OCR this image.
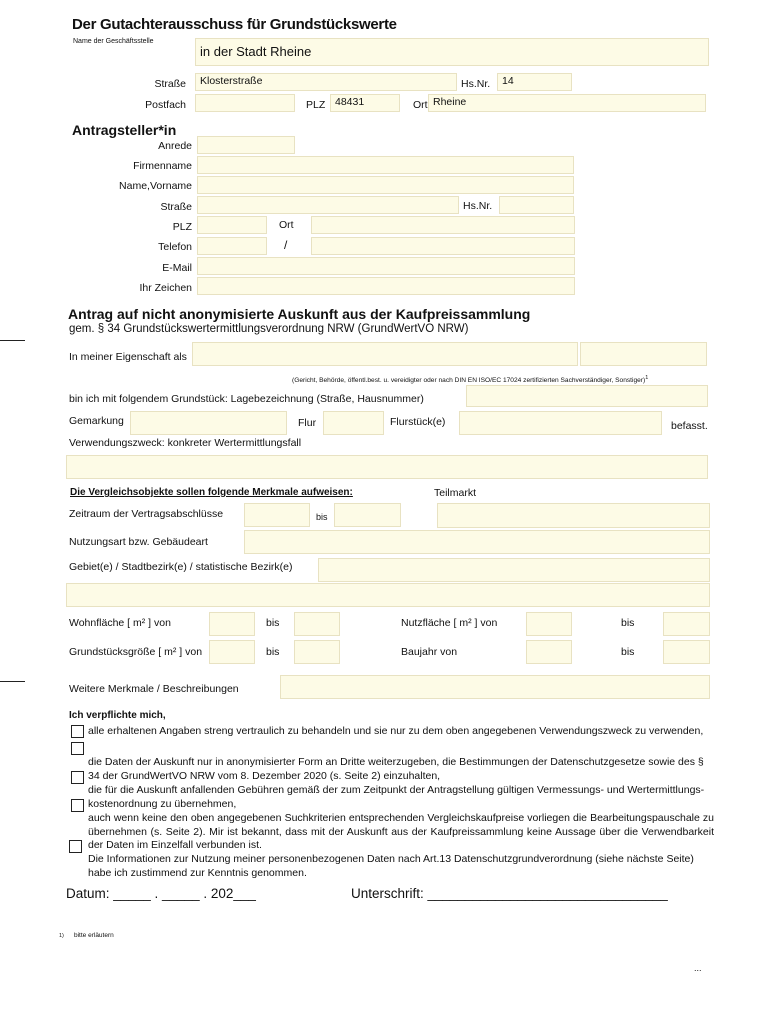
Der Gutachterausschuss für Grundstückswerte
Name der Geschäftsstelle
in der Stadt Rheine
Straße	Klosterstraße	Hs.Nr.	14
Postfach	PLZ 48431	Ort Rheine
Antragsteller*in
Anrede
Firmenname
Name,Vorname
Straße	Hs.Nr.
PLZ	Ort
Telefon	/
E-Mail
Ihr Zeichen
Antrag auf nicht anonymisierte Auskunft aus der Kaufpreissammlung
gem. § 34 Grundstückswertermittlungsverordnung NRW (GrundWertVO NRW)
In meiner Eigenschaft als
(Gericht, Behörde, öffentl.best. u. vereidigter oder nach DIN EN ISO/EC 17024 zertifizierten Sachverständiger, Sonstiger)$^1$
bin ich mit folgendem Grundstück: Lagebezeichnung (Straße, Hausnummer)
Gemarkung	Flur	Flurstück(e)	befasst.
Verwendungszweck: konkreter Wertermittlungsfall
Die Vergleichsobjekte sollen folgende Merkmale aufweisen:	Teilmarkt
Zeitraum der Vertragsabschlüsse	bis
Nutzungsart bzw. Gebäudeart
Gebiet(e) / Stadtbezirk(e) / statistische Bezirk(e)
Wohnfläche [ m² ] von	bis	Nutzfläche [ m² ] von	bis
Grundstücksgröße [ m² ] von	bis	Baujahr von	bis
Weitere Merkmale / Beschreibungen
Ich verpflichte mich,
alle erhaltenen Angaben streng vertraulich zu behandeln und sie nur zu dem oben angegebenen Verwendungszweck zu verwenden,
die Daten der Auskunft nur in anonymisierter Form an Dritte weiterzugeben, die Bestimmungen der Datenschutzgesetze sowie des § 34 der GrundWertVO NRW vom 8. Dezember 2020 (s. Seite 2) einzuhalten,
die für die Auskunft anfallenden Gebühren gemäß der zum Zeitpunkt der Antragstellung gültigen Vermessungs- und Wertermittlungs-kostenordnung zu übernehmen,
auch wenn keine den oben angegebenen Suchkriterien entsprechenden Vergleichskaufpreise vorliegen die Bearbeitungspauschale zu übernehmen (s. Seite 2). Mir ist bekannt, dass mit der Auskunft aus der Kaufpreissammlung keine Aussage über die Verwendbarkeit der Daten im Einzelfall verbunden ist.
Die Informationen zur Nutzung meiner personenbezogenen Daten nach Art.13 Datenschutzgrundverordnung (siehe nächste Seite) habe ich zustimmend zur Kenntnis genommen.
Datum: _____ . _____ . 202___	Unterschrift: ________________________________
1) bitte erläutern
...
